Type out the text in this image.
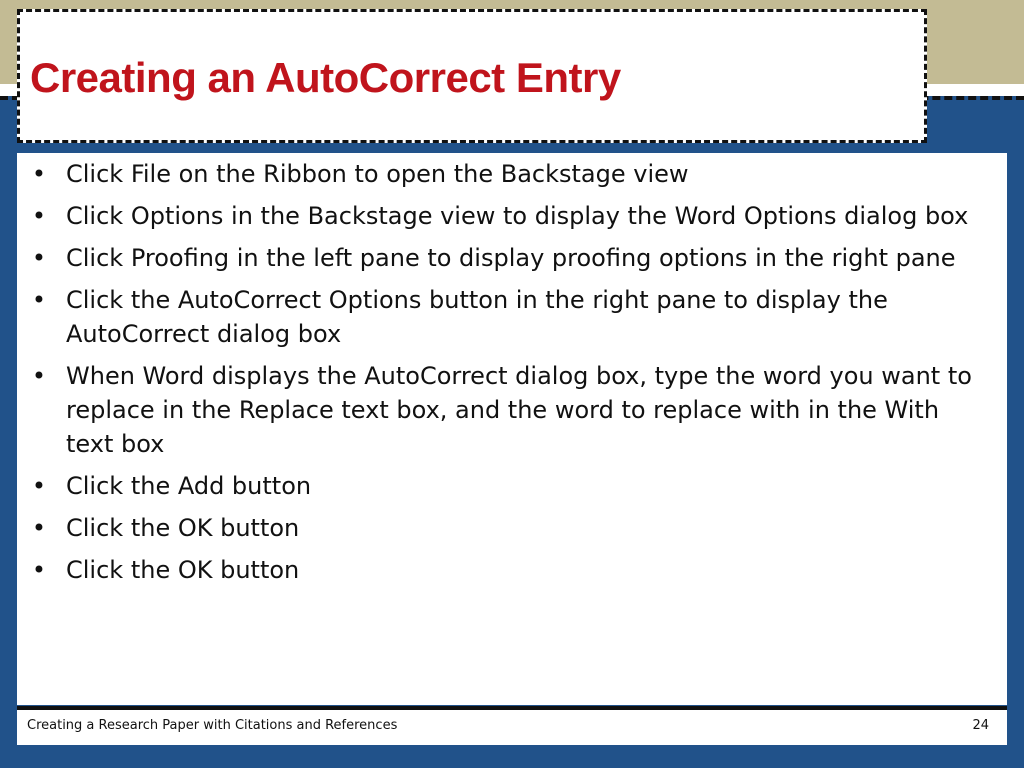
Creating an AutoCorrect Entry
• Click File on the Ribbon to open the Backstage view
• Click Options in the Backstage view to display the Word Options dialog box
• Click Proofing in the left pane to display proofing options in the right pane
• Click the AutoCorrect Options button in the right pane to display the AutoCorrect dialog box
• When Word displays the AutoCorrect dialog box, type the word you want to replace in the Replace text box, and the word to replace with in the With text box
• Click the Add button
• Click the OK button
• Click the OK button
Creating a Research Paper with Citations and References	24
